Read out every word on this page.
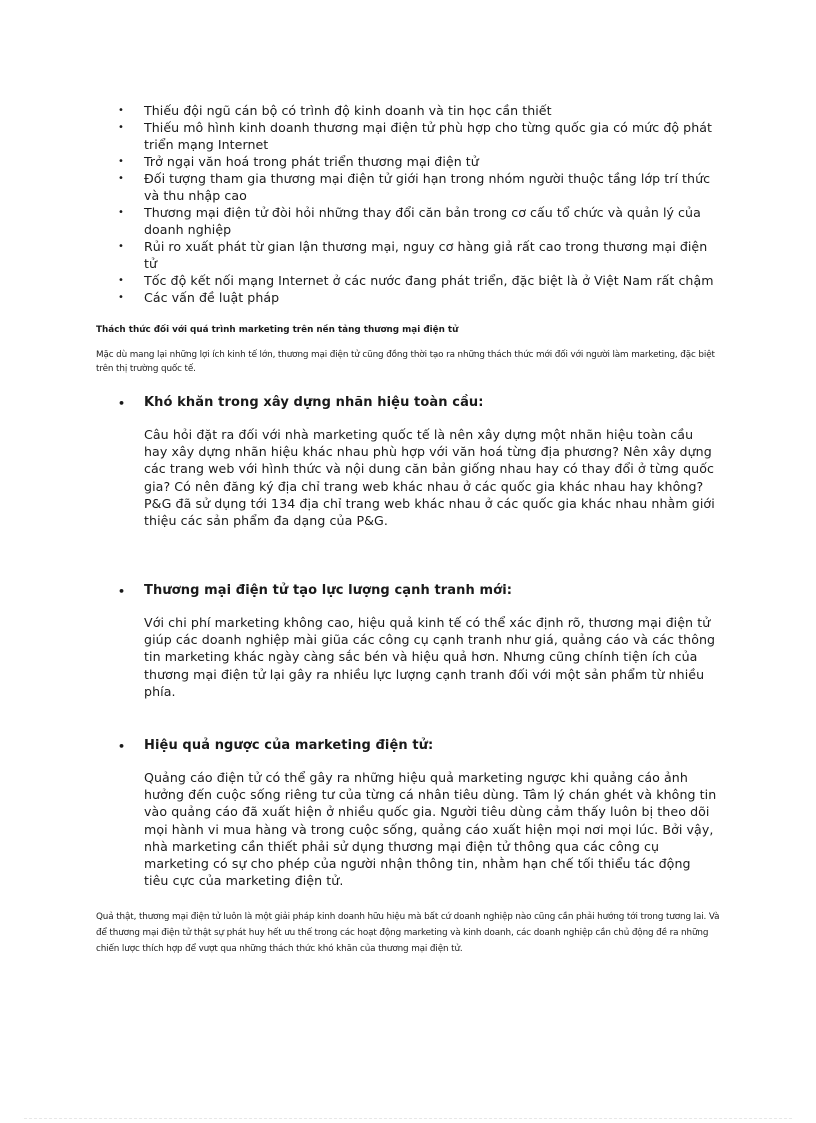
• Thiếu đội ngũ cán bộ có trình độ kinh doanh và tin học cần thiết
• Thiếu mô hình kinh doanh thương mại điện tử phù hợp cho từng quốc gia có mức độ phát triển mạng Internet
• Trở ngại văn hoá trong phát triển thương mại điện tử
• Đối tượng tham gia thương mại điện tử giới hạn trong nhóm người thuộc tầng lớp trí thức và thu nhập cao
• Thương mại điện tử đòi hỏi những thay đổi căn bản trong cơ cấu tổ chức và quản lý của doanh nghiệp
• Rủi ro xuất phát từ gian lận thương mại, nguy cơ hàng giả rất cao trong thương mại điện tử
• Tốc độ kết nối mạng Internet ở các nước đang phát triển, đặc biệt là ở Việt Nam rất chậm
• Các vấn đề luật pháp
Thách thức đối với quá trình marketing trên nền tảng thương mại điện tử
Mặc dù mang lại những lợi ích kinh tế lớn, thương mại điện tử cũng đồng thời tạo ra những thách thức mới đối với người làm marketing, đặc biệt trên thị trường quốc tế.
• Khó khăn trong xây dựng nhãn hiệu toàn cầu:
Câu hỏi đặt ra đối với nhà marketing quốc tế là nên xây dựng một nhãn hiệu toàn cầu hay xây dựng nhãn hiệu khác nhau phù hợp với văn hoá từng địa phương? Nên xây dựng các trang web với hình thức và nội dung căn bản giống nhau hay có thay đổi ở từng quốc gia? Có nên đăng ký địa chỉ trang web khác nhau ở các quốc gia khác nhau hay không? P&G đã sử dụng tới 134 địa chỉ trang web khác nhau ở các quốc gia khác nhau nhằm giới thiệu các sản phẩm đa dạng của P&G.
• Thương mại điện tử tạo lực lượng cạnh tranh mới:
Với chi phí marketing không cao, hiệu quả kinh tế có thể xác định rõ, thương mại điện tử giúp các doanh nghiệp mài giũa các công cụ cạnh tranh như giá, quảng cáo và các thông tin marketing khác ngày càng sắc bén và hiệu quả hơn. Nhưng cũng chính tiện ích của thương mại điện tử lại gây ra nhiều lực lượng cạnh tranh đối với một sản phẩm từ nhiều phía.
• Hiệu quả ngược của marketing điện tử:
Quảng cáo điện tử có thể gây ra những hiệu quả marketing ngược khi quảng cáo ảnh hưởng đến cuộc sống riêng tư của từng cá nhân tiêu dùng. Tâm lý chán ghét và không tin vào quảng cáo đã xuất hiện ở nhiều quốc gia. Người tiêu dùng cảm thấy luôn bị theo dõi mọi hành vi mua hàng và trong cuộc sống, quảng cáo xuất hiện mọi nơi mọi lúc. Bởi vậy, nhà marketing cần thiết phải sử dụng thương mại điện tử thông qua các công cụ marketing có sự cho phép của người nhận thông tin, nhằm hạn chế tối thiểu tác động tiêu cực của marketing điện tử.
Quả thật, thương mại điện tử luôn là một giải pháp kinh doanh hữu hiệu mà bất cứ doanh nghiệp nào cũng cần phải hướng tới trong tương lai. Và để thương mại điện tử thật sự phát huy hết ưu thế trong các hoạt động marketing và kinh doanh, các doanh nghiệp cần chủ động đề ra những chiến lược thích hợp để vượt qua những thách thức khó khăn của thương mại điện tử.
